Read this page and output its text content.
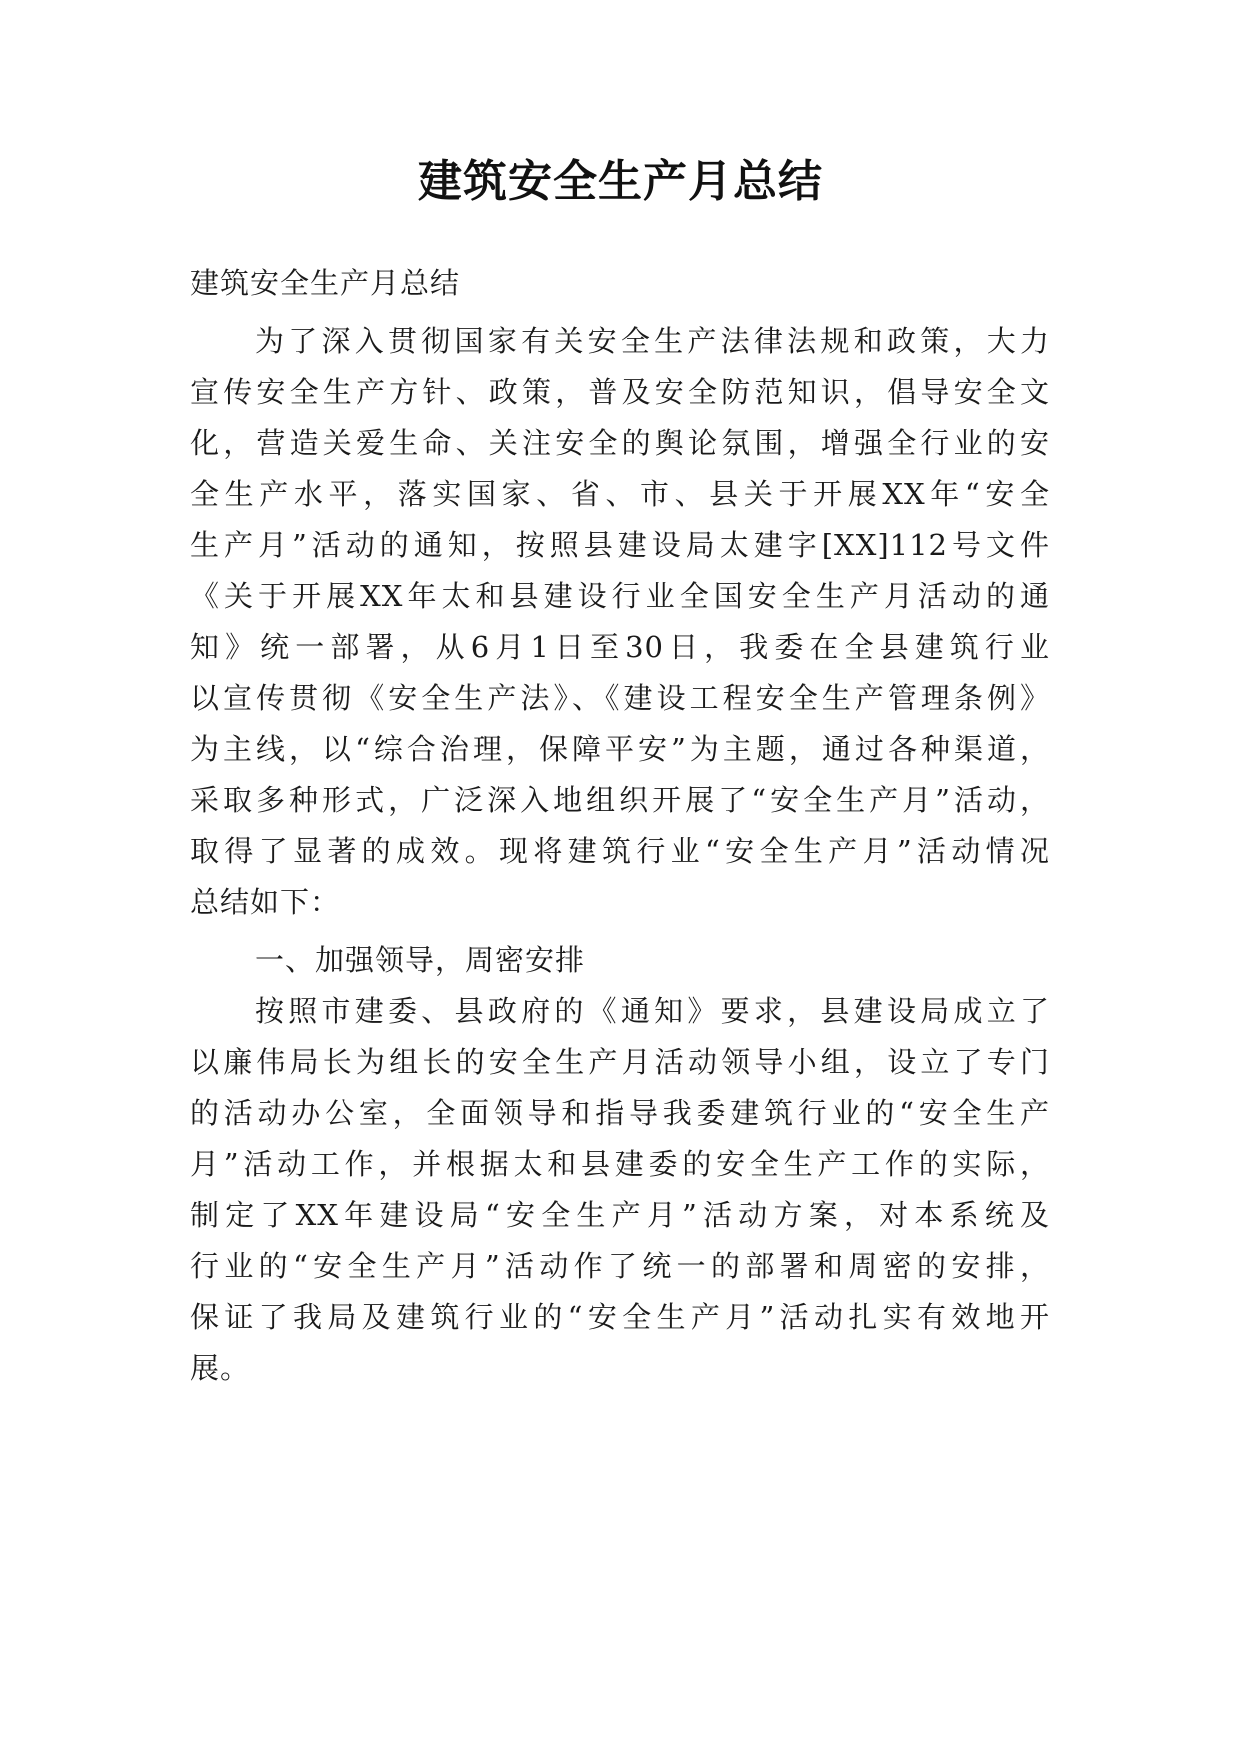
建筑安全生产月总结
建筑安全生产月总结
为了深入贯彻国家有关安全生产法律法规和政策，大力
宣传安全生产方针、政策，普及安全防范知识，倡导安全文
化，营造关爱生命、关注安全的舆论氛围，增强全行业的安
全生产水平，落实国家、省、市、县关于开展XX年“安全
生产月”活动的通知，按照县建设局太建字[XX]112号文件
《关于开展XX年太和县建设行业全国安全生产月活动的通
知》统一部署，从6月1日至30日，我委在全县建筑行业
以宣传贯彻《安全生产法》、《建设工程安全生产管理条例》
为主线，以“综合治理，保障平安”为主题，通过各种渠道，
采取多种形式，广泛深入地组织开展了“安全生产月”活动，
取得了显著的成效。现将建筑行业“安全生产月”活动情况
总结如下：
一、加强领导，周密安排
按照市建委、县政府的《通知》要求，县建设局成立了
以廉伟局长为组长的安全生产月活动领导小组，设立了专门
的活动办公室，全面领导和指导我委建筑行业的“安全生产
月”活动工作，并根据太和县建委的安全生产工作的实际，
制定了XX年建设局“安全生产月”活动方案，对本系统及
行业的“安全生产月”活动作了统一的部署和周密的安排，
保证了我局及建筑行业的“安全生产月”活动扎实有效地开
展。
